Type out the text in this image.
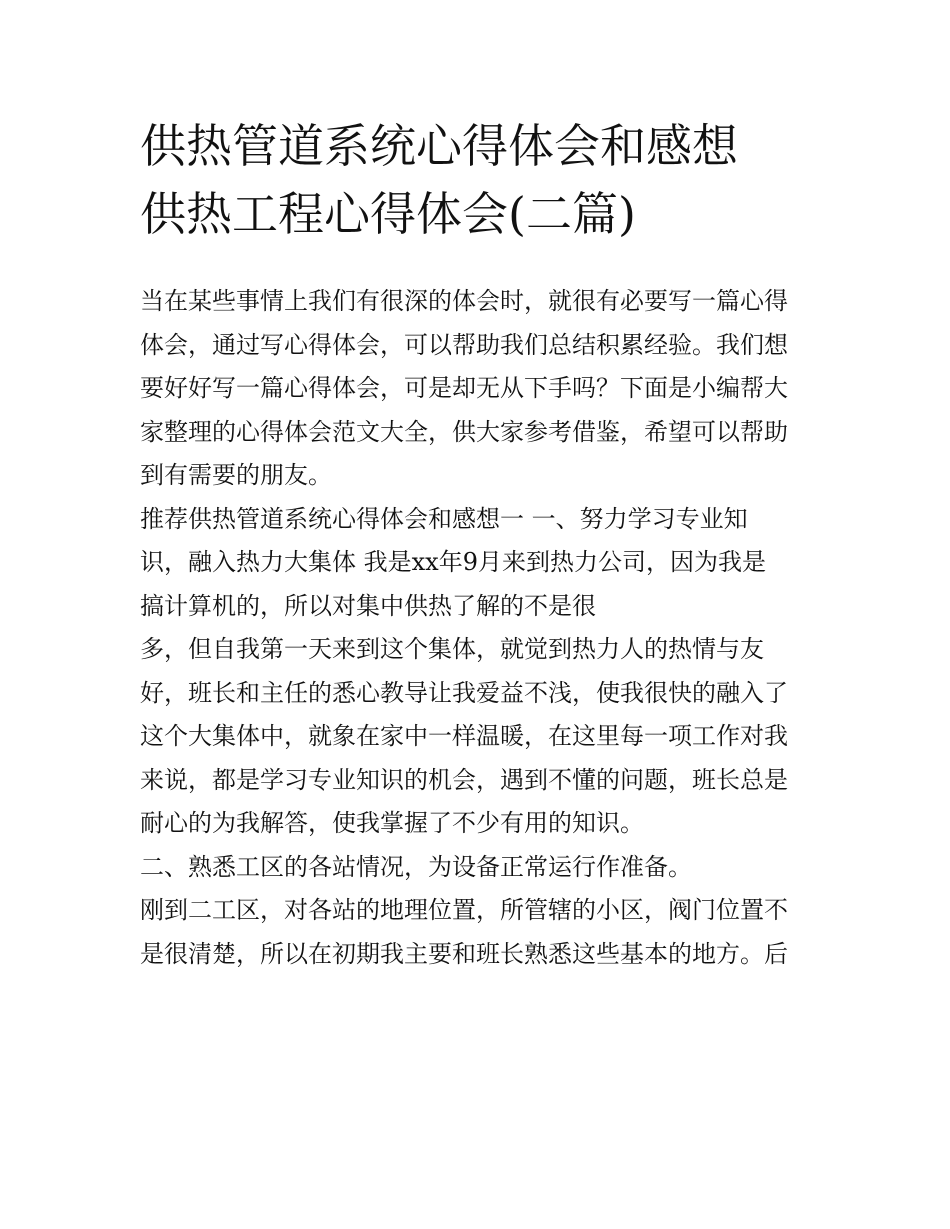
供热管道系统心得体会和感想
供热工程心得体会(二篇)
当在某些事情上我们有很深的体会时，就很有必要写一篇心得
体会，通过写心得体会，可以帮助我们总结积累经验。我们想
要好好写一篇心得体会，可是却无从下手吗？下面是小编帮大
家整理的心得体会范文大全，供大家参考借鉴，希望可以帮助
到有需要的朋友。
推荐供热管道系统心得体会和感想一 一、努力学习专业知
识，融入热力大集体 我是xx年9月来到热力公司，因为我是
搞计算机的，所以对集中供热了解的不是很
多，但自我第一天来到这个集体，就觉到热力人的热情与友
好，班长和主任的悉心教导让我爱益不浅，使我很快的融入了
这个大集体中，就象在家中一样温暖，在这里每一项工作对我
来说，都是学习专业知识的机会，遇到不懂的问题，班长总是
耐心的为我解答，使我掌握了不少有用的知识。
二、熟悉工区的各站情况，为设备正常运行作准备。
刚到二工区，对各站的地理位置，所管辖的小区，阀门位置不
是很清楚，所以在初期我主要和班长熟悉这些基本的地方。后
